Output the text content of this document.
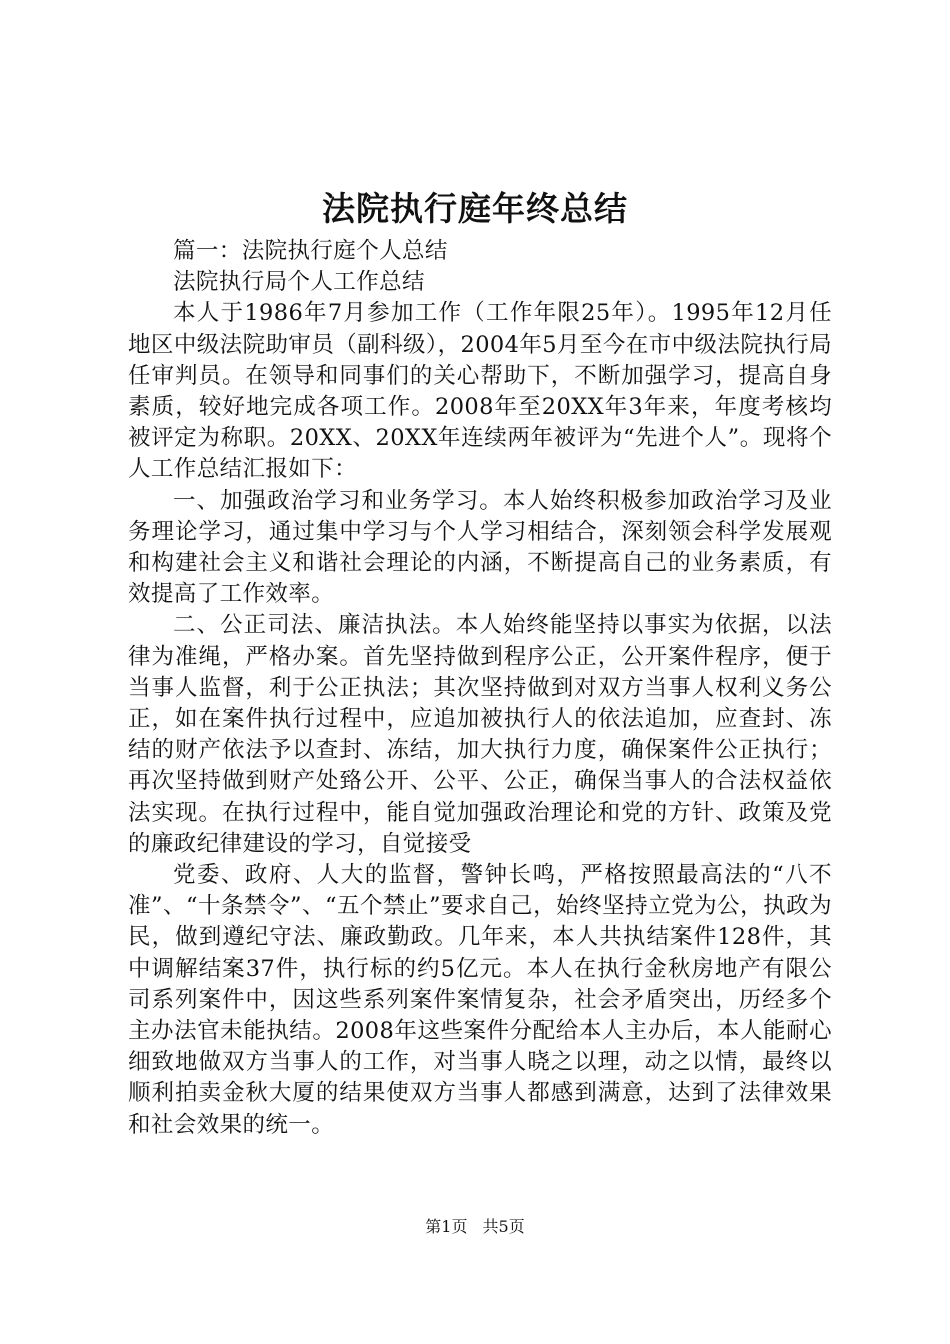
法院执行庭年终总结

篇一：法院执行庭个人总结

法院执行局个人工作总结

本人于1986年7月参加工作（工作年限25年）。1995年12月任地区中级法院助审员（副科级），2004年5月至今在市中级法院执行局任审判员。在领导和同事们的关心帮助下，不断加强学习，提高自身素质，较好地完成各项工作。2008年至20XX年3年来，年度考核均被评定为称职。20XX、20XX年连续两年被评为“先进个人”。现将个人工作总结汇报如下：

一、加强政治学习和业务学习。本人始终积极参加政治学习及业务理论学习，通过集中学习与个人学习相结合，深刻领会科学发展观和构建社会主义和谐社会理论的内涵，不断提高自己的业务素质，有效提高了工作效率。

二、公正司法、廉洁执法。本人始终能坚持以事实为依据，以法律为准绳，严格办案。首先坚持做到程序公正，公开案件程序，便于当事人监督，利于公正执法；其次坚持做到对双方当事人权利义务公正，如在案件执行过程中，应追加被执行人的依法追加，应查封、冻结的财产依法予以查封、冻结，加大执行力度，确保案件公正执行；再次坚持做到财产处臵公开、公平、公正，确保当事人的合法权益依法实现。在执行过程中，能自觉加强政治理论和党的方针、政策及党的廉政纪律建设的学习，自觉接受

党委、政府、人大的监督，警钟长鸣，严格按照最高法的“八不准”、“十条禁令”、“五个禁止”要求自己，始终坚持立党为公，执政为民，做到遵纪守法、廉政勤政。几年来，本人共执结案件128件，其中调解结案37件，执行标的约5亿元。本人在执行金秋房地产有限公司系列案件中，因这些系列案件案情复杂，社会矛盾突出，历经多个主办法官未能执结。2008年这些案件分配给本人主办后，本人能耐心细致地做双方当事人的工作，对当事人晓之以理，动之以情，最终以顺利拍卖金秋大厦的结果使双方当事人都感到满意，达到了法律效果和社会效果的统一。

第1页 共5页
